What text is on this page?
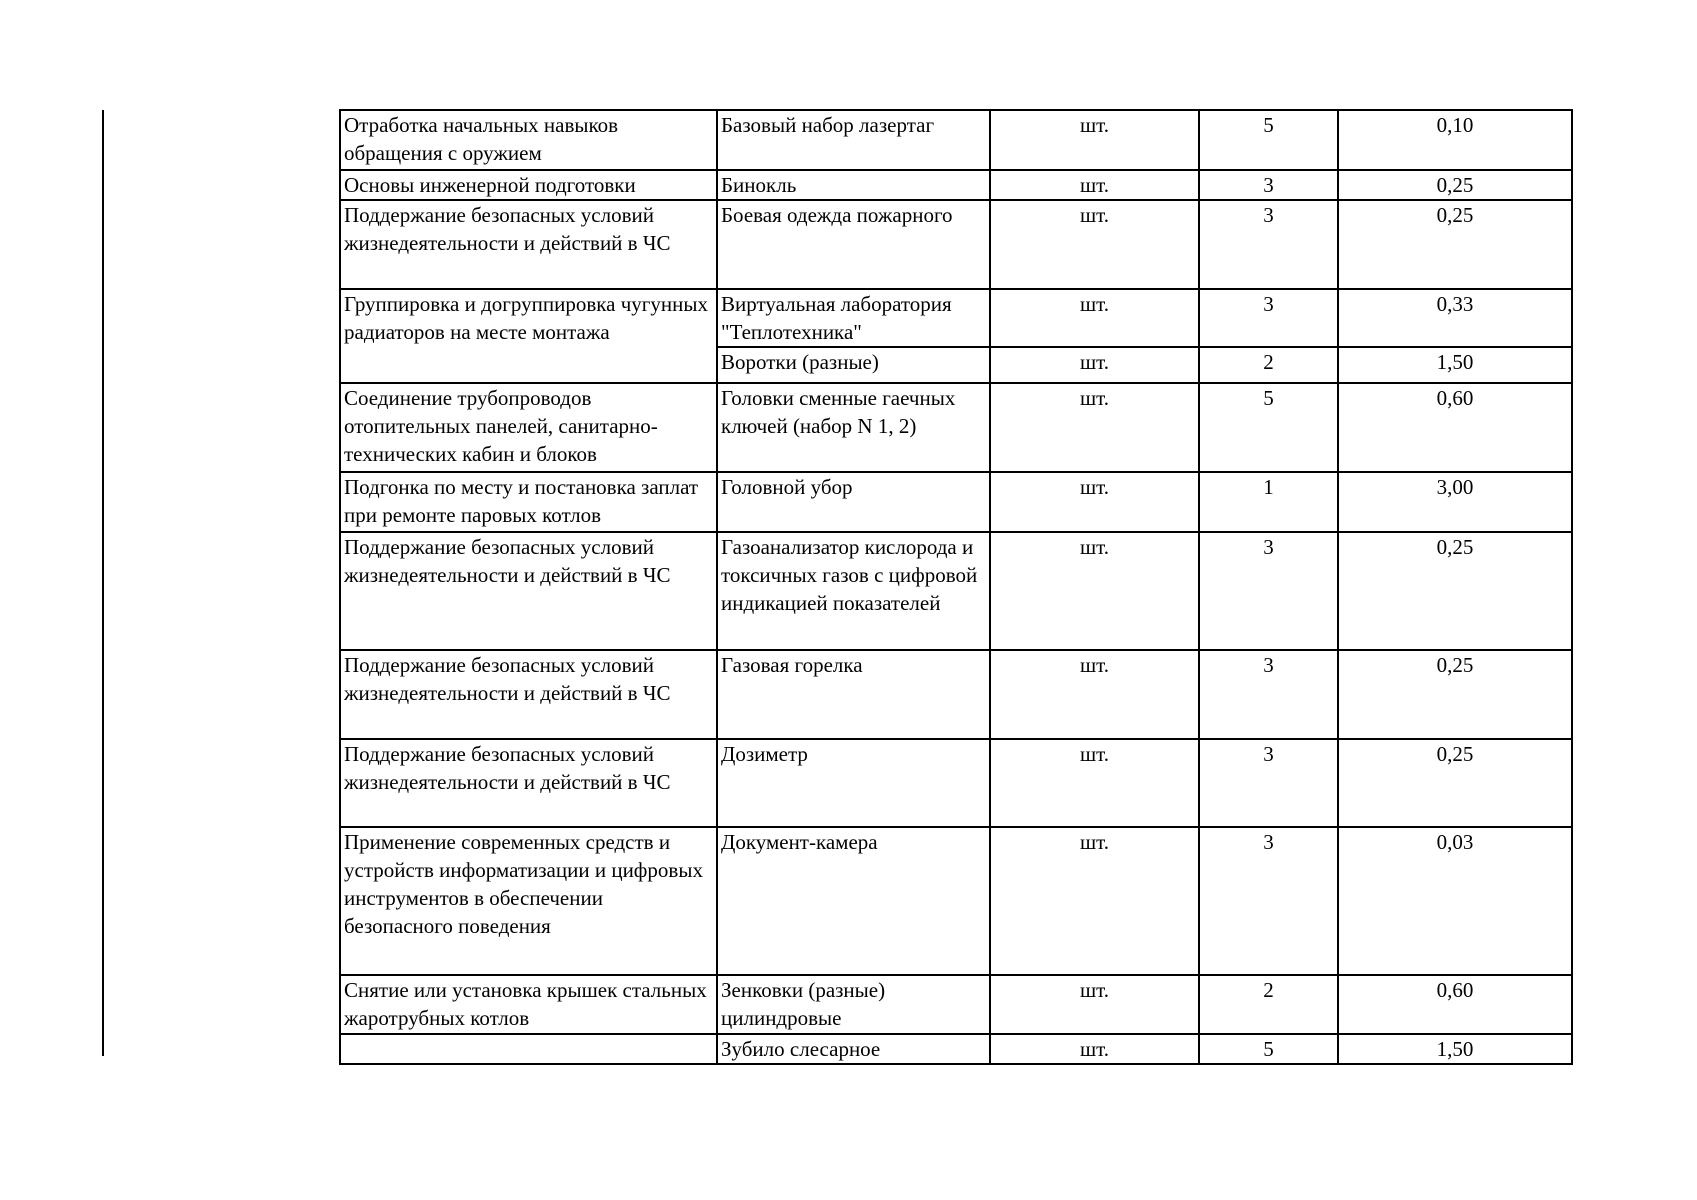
Отработка начальных навыков обращения с оружием	Базовый набор лазертаг	шт.	5	0,10
Основы инженерной подготовки	Бинокль	шт.	3	0,25
Поддержание безопасных условий жизнедеятельности и действий в ЧС	Боевая одежда пожарного	шт.	3	0,25
Группировка и догруппировка чугунных радиаторов на месте монтажа	Виртуальная лаборатория "Теплотехника"	шт.	3	0,33
	Воротки (разные)	шт.	2	1,50
Соединение трубопроводов отопительных панелей, санитарно-технических кабин и блоков	Головки сменные гаечных ключей (набор N 1, 2)	шт.	5	0,60
Подгонка по месту и постановка заплат при ремонте паровых котлов	Головной убор	шт.	1	3,00
Поддержание безопасных условий жизнедеятельности и действий в ЧС	Газоанализатор кислорода и токсичных газов с цифровой индикацией показателей	шт.	3	0,25
Поддержание безопасных условий жизнедеятельности и действий в ЧС	Газовая горелка	шт.	3	0,25
Поддержание безопасных условий жизнедеятельности и действий в ЧС	Дозиметр	шт.	3	0,25
Применение современных средств и устройств информатизации и цифровых инструментов в обеспечении безопасного поведения	Документ-камера	шт.	3	0,03
Снятие или установка крышек стальных жаротрубных котлов	Зенковки (разные) цилиндровые	шт.	2	0,60
	Зубило слесарное	шт.	5	1,50
